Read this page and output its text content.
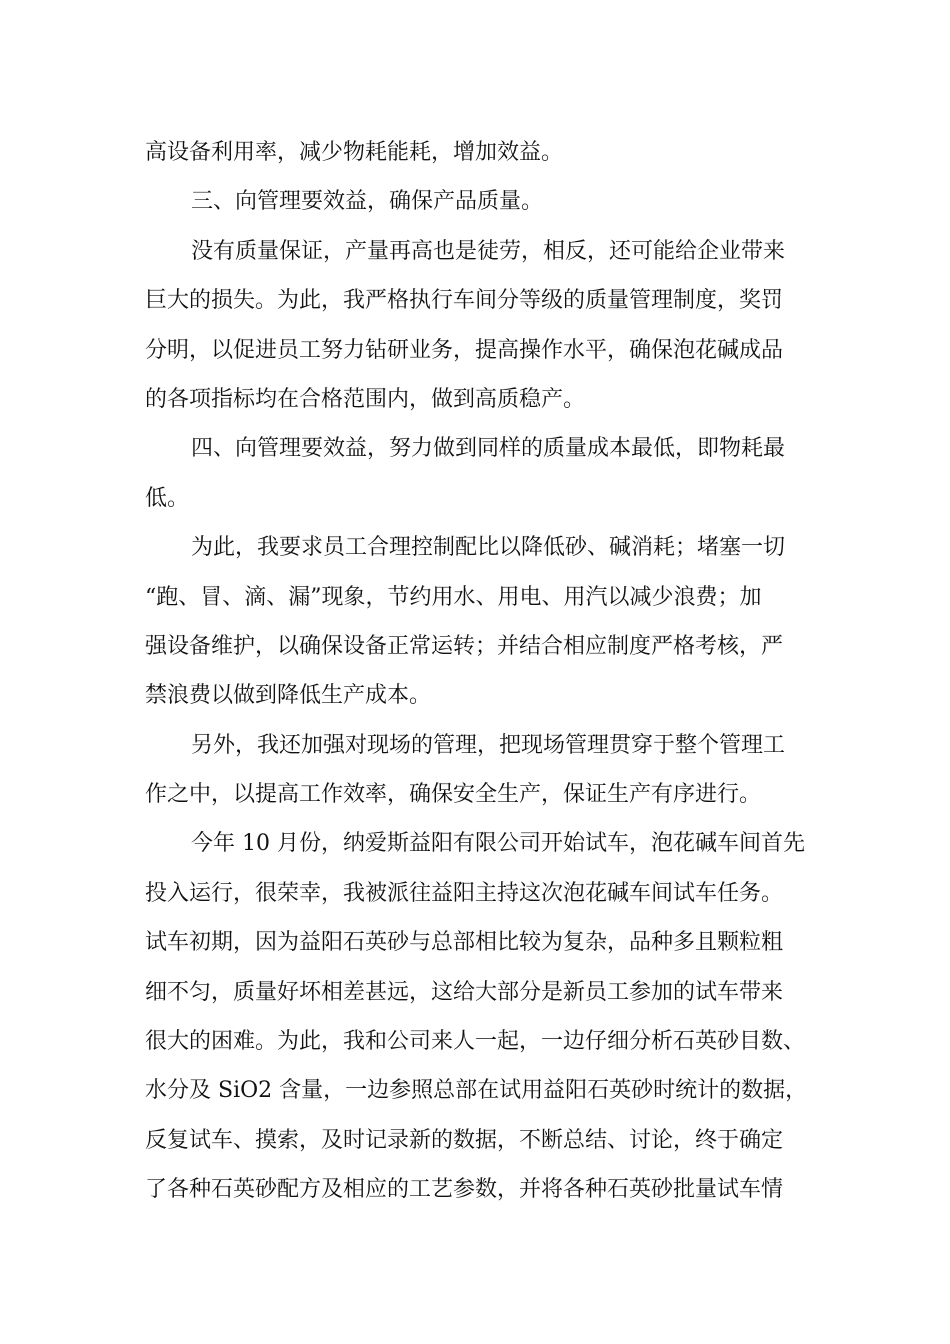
高设备利用率，减少物耗能耗，增加效益。
三、向管理要效益，确保产品质量。
没有质量保证，产量再高也是徒劳，相反，还可能给企业带来
巨大的损失。为此，我严格执行车间分等级的质量管理制度，奖罚
分明，以促进员工努力钻研业务，提高操作水平，确保泡花碱成品
的各项指标均在合格范围内，做到高质稳产。
四、向管理要效益，努力做到同样的质量成本最低，即物耗最
低。
为此，我要求员工合理控制配比以降低砂、碱消耗；堵塞一切
“跑、冒、滴、漏”现象，节约用水、用电、用汽以减少浪费；加
强设备维护，以确保设备正常运转；并结合相应制度严格考核，严
禁浪费以做到降低生产成本。
另外，我还加强对现场的管理，把现场管理贯穿于整个管理工
作之中，以提高工作效率，确保安全生产，保证生产有序进行。
今年 10 月份，纳爱斯益阳有限公司开始试车，泡花碱车间首先
投入运行，很荣幸，我被派往益阳主持这次泡花碱车间试车任务。
试车初期，因为益阳石英砂与总部相比较为复杂，品种多且颗粒粗
细不匀，质量好坏相差甚远，这给大部分是新员工参加的试车带来
很大的困难。为此，我和公司来人一起，一边仔细分析石英砂目数、
水分及 SiO2 含量，一边参照总部在试用益阳石英砂时统计的数据，
反复试车、摸索，及时记录新的数据，不断总结、讨论，终于确定
了各种石英砂配方及相应的工艺参数，并将各种石英砂批量试车情
